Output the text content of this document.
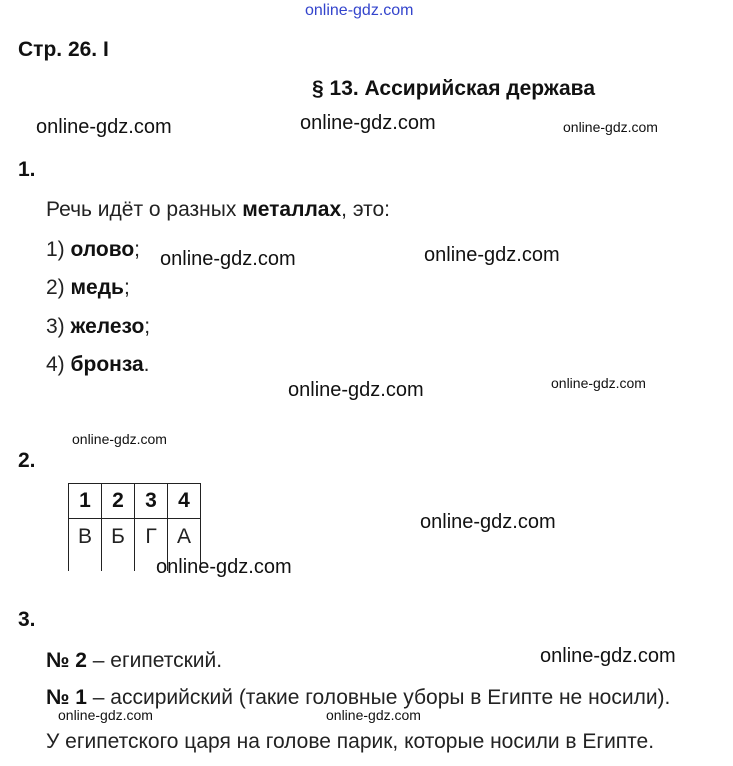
online-gdz.com
Стр. 26. I
§ 13. Ассирийская держава
online-gdz.com	online-gdz.com	online-gdz.com
online-gdz.com	online-gdz.com
online-gdz.com	online-gdz.com
online-gdz.com
online-gdz.com
online-gdz.com
online-gdz.com	online-gdz.com
1.
Речь идёт о разных металлах, это:
1) олово;
2) медь;
3) железо;
4) бронза.
2.
1	2	3	4
В	Б	Г	А
online-gdz.com
3.
№ 2 – египетский.
№ 1 – ассирийский (такие головные уборы в Египте не носили).
У египетского царя на голове парик, которые носили в Египте.
